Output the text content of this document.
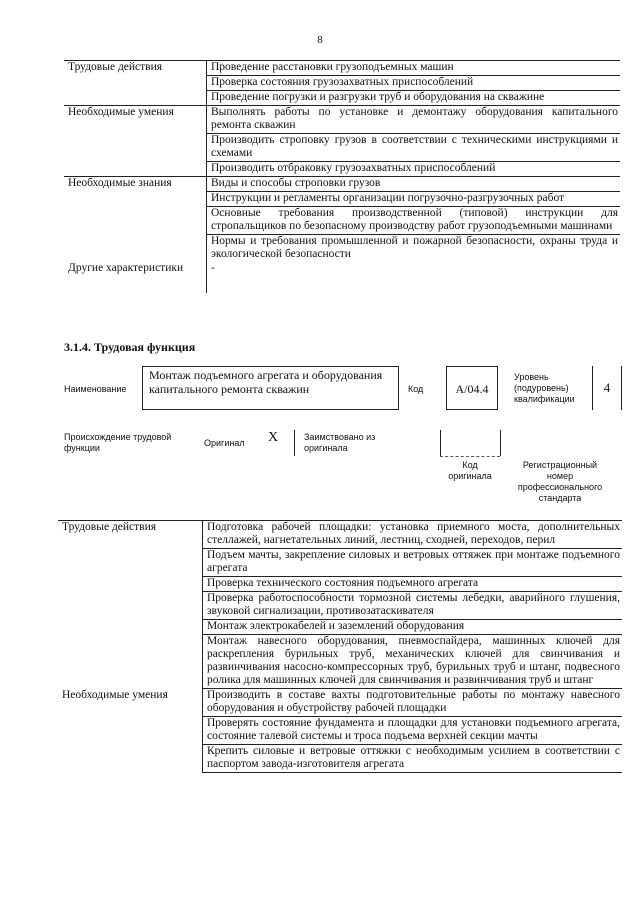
8
Трудовые действия	Проведение расстановки грузоподъемных машин
	Проверка состояния грузозахватных приспособлений
	Проведение погрузки и разгрузки труб и оборудования на скважине
Необходимые умения	Выполнять работы по установке и демонтажу оборудования капитального ремонта скважин
	Производить строповку грузов в соответствии с техническими инструкциями и схемами
	Производить отбраковку грузозахватных приспособлений
Необходимые знания	Виды и способы строповки грузов
	Инструкции и регламенты организации погрузочно-разгрузочных работ
	Основные требования производственной (типовой) инструкции для стропальщиков по безопасному производству работ грузоподъемными машинами
	Нормы и требования промышленной и пожарной безопасности, охраны труда и экологической безопасности
Другие характеристики	-
3.1.4. Трудовая функция
Наименование
Монтаж подъемного агрегата и оборудования капитального ремонта скважин	Код	A/04.4
Уровень (подуровень) квалификации
4
Происхождение трудовой функции	Оригинал X	Заимствовано из оригинала
Код оригинала
Регистрационный номер профессионального стандарта
Трудовые действия	Подготовка рабочей площадки: установка приемного моста, дополнительных стеллажей, нагнетательных линий, лестниц, сходней, переходов, перил
	Подъем мачты, закрепление силовых и ветровых оттяжек при монтаже подъемного агрегата
	Проверка технического состояния подъемного агрегата
	Проверка работоспособности тормозной системы лебедки, аварийного глушения, звуковой сигнализации, противозатаскивателя
	Монтаж электрокабелей и заземлений оборудования
	Монтаж навесного оборудования, пневмоспайдера, машинных ключей для раскрепления бурильных труб, механических ключей для свинчивания и развинчивания насосно-компрессорных труб, бурильных труб и штанг, подвесного ролика для машинных ключей для свинчивания и развинчивания труб и штанг
Необходимые умения	Производить в составе вахты подготовительные работы по монтажу навесного оборудования и обустройству рабочей площадки
	Проверять состояние фундамента и площадки для установки подъемного агрегата, состояние талевой системы и троса подъема верхней секции мачты
	Крепить силовые и ветровые оттяжки с необходимым усилием в соответствии с паспортом завода-изготовителя агрегата
